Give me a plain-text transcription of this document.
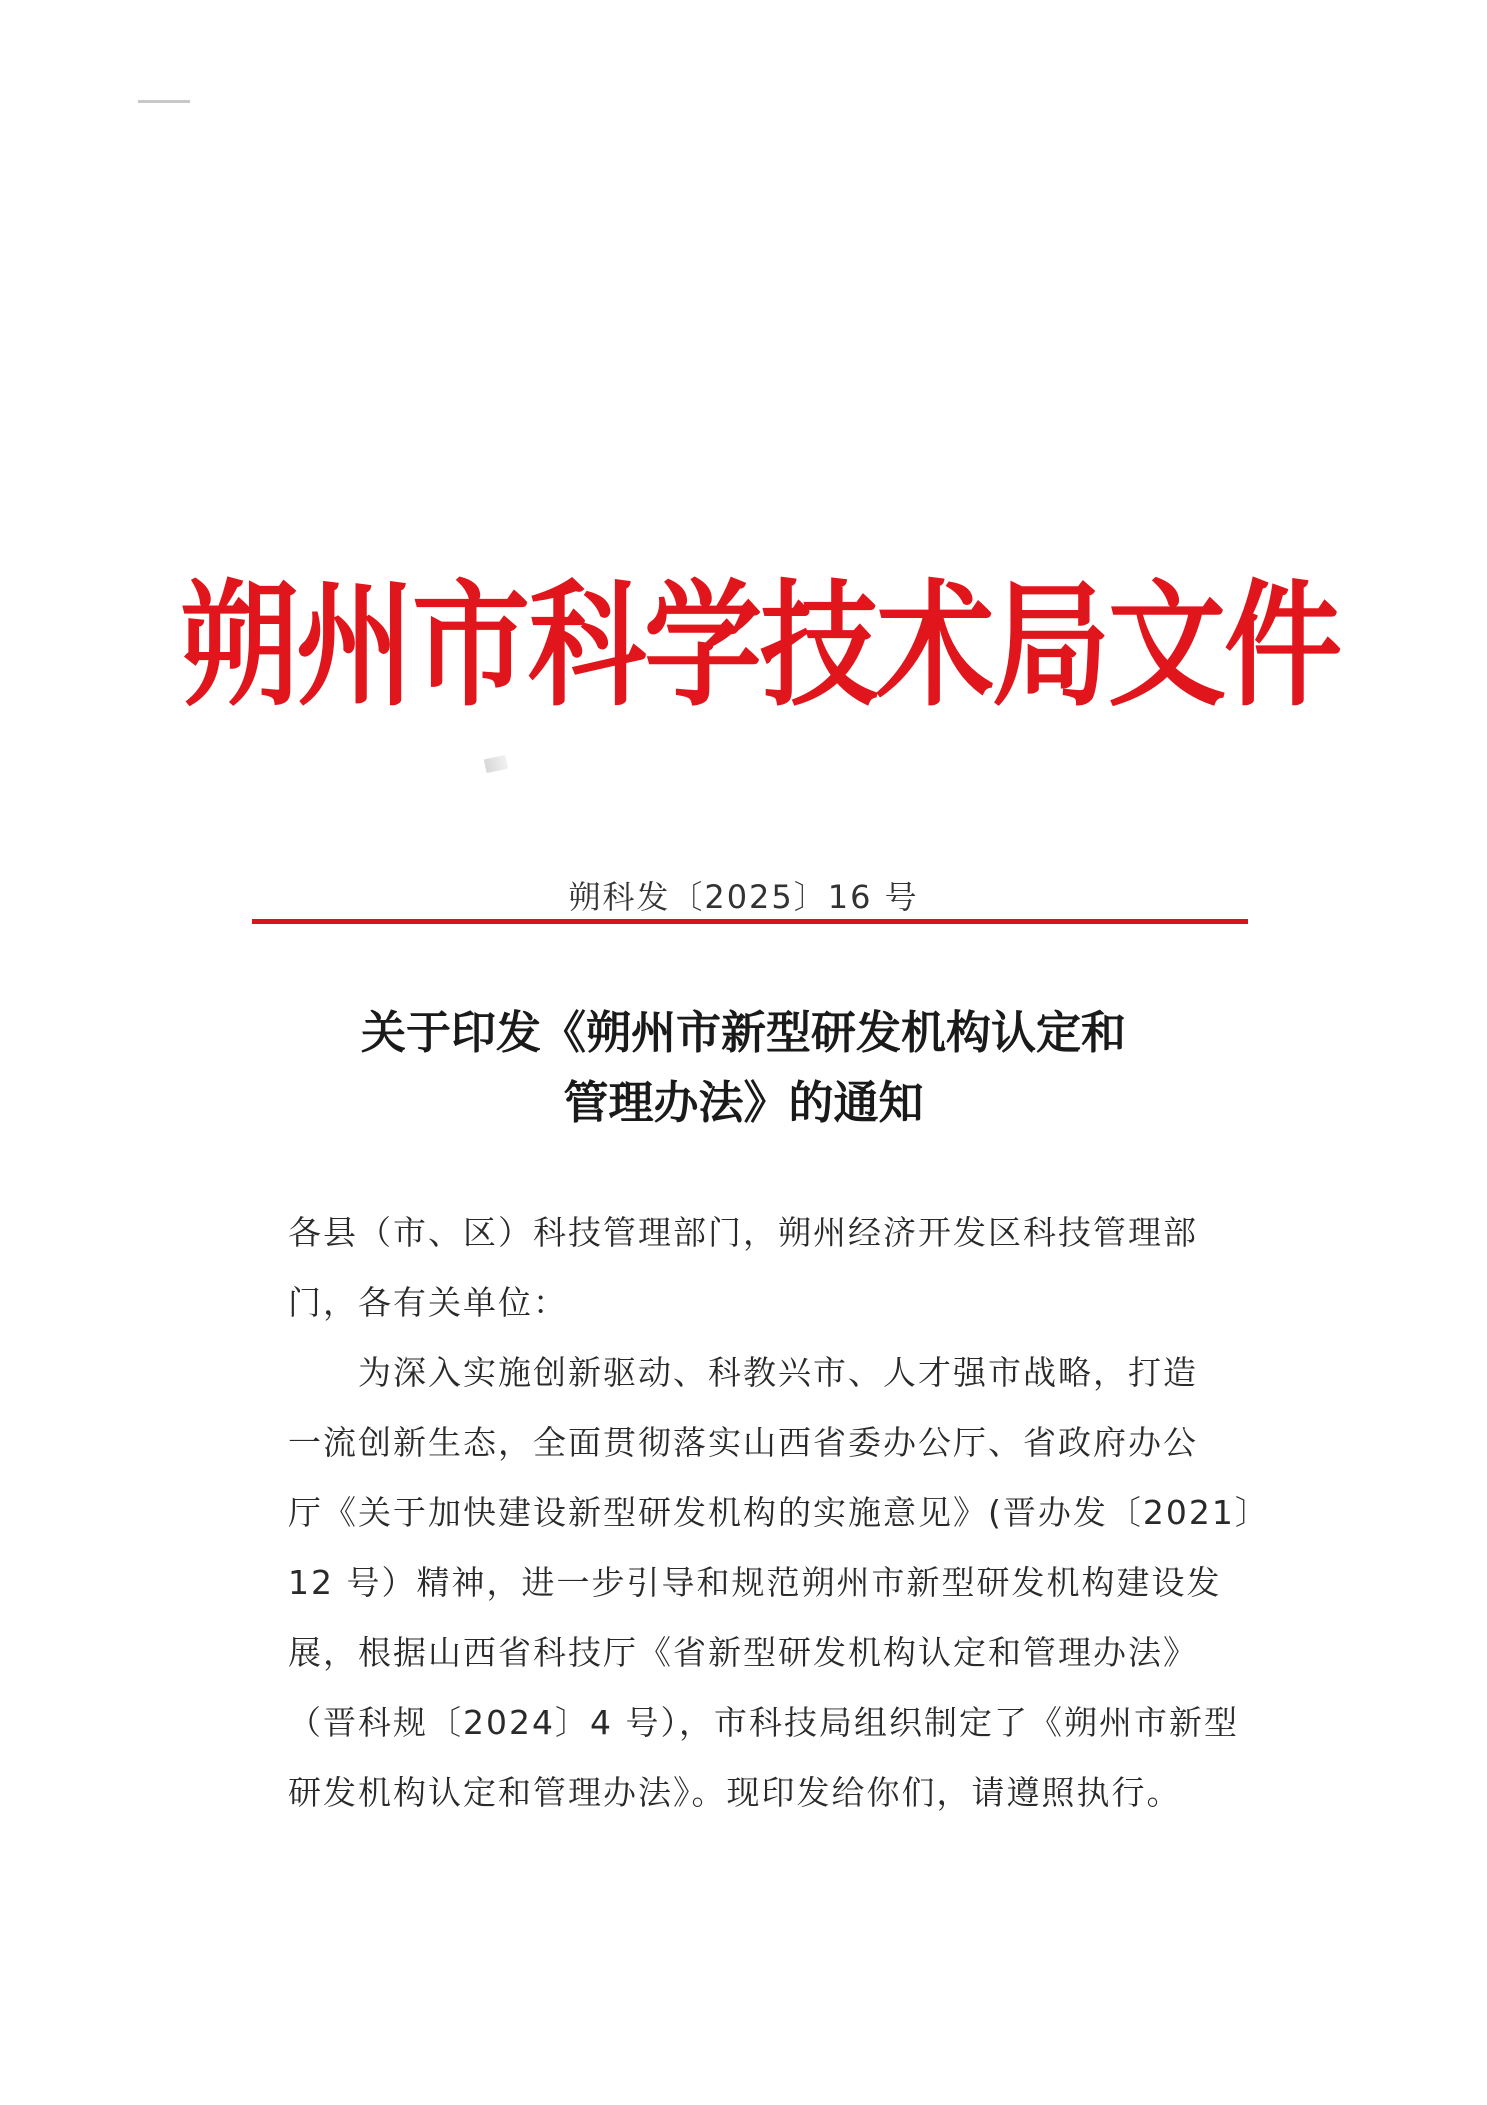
朔州市科学技术局文件
朔科发〔2025〕16 号
关于印发《朔州市新型研发机构认定和
管理办法》的通知
各县（市、区）科技管理部门，朔州经济开发区科技管理部
门，各有关单位：
为深入实施创新驱动、科教兴市、人才强市战略，打造
一流创新生态，全面贯彻落实山西省委办公厅、省政府办公
厅《关于加快建设新型研发机构的实施意见》(晋办发〔2021〕
12 号）精神，进一步引导和规范朔州市新型研发机构建设发
展，根据山西省科技厅《省新型研发机构认定和管理办法》
（晋科规〔2024〕4 号），市科技局组织制定了《朔州市新型
研发机构认定和管理办法》。现印发给你们，请遵照执行。
